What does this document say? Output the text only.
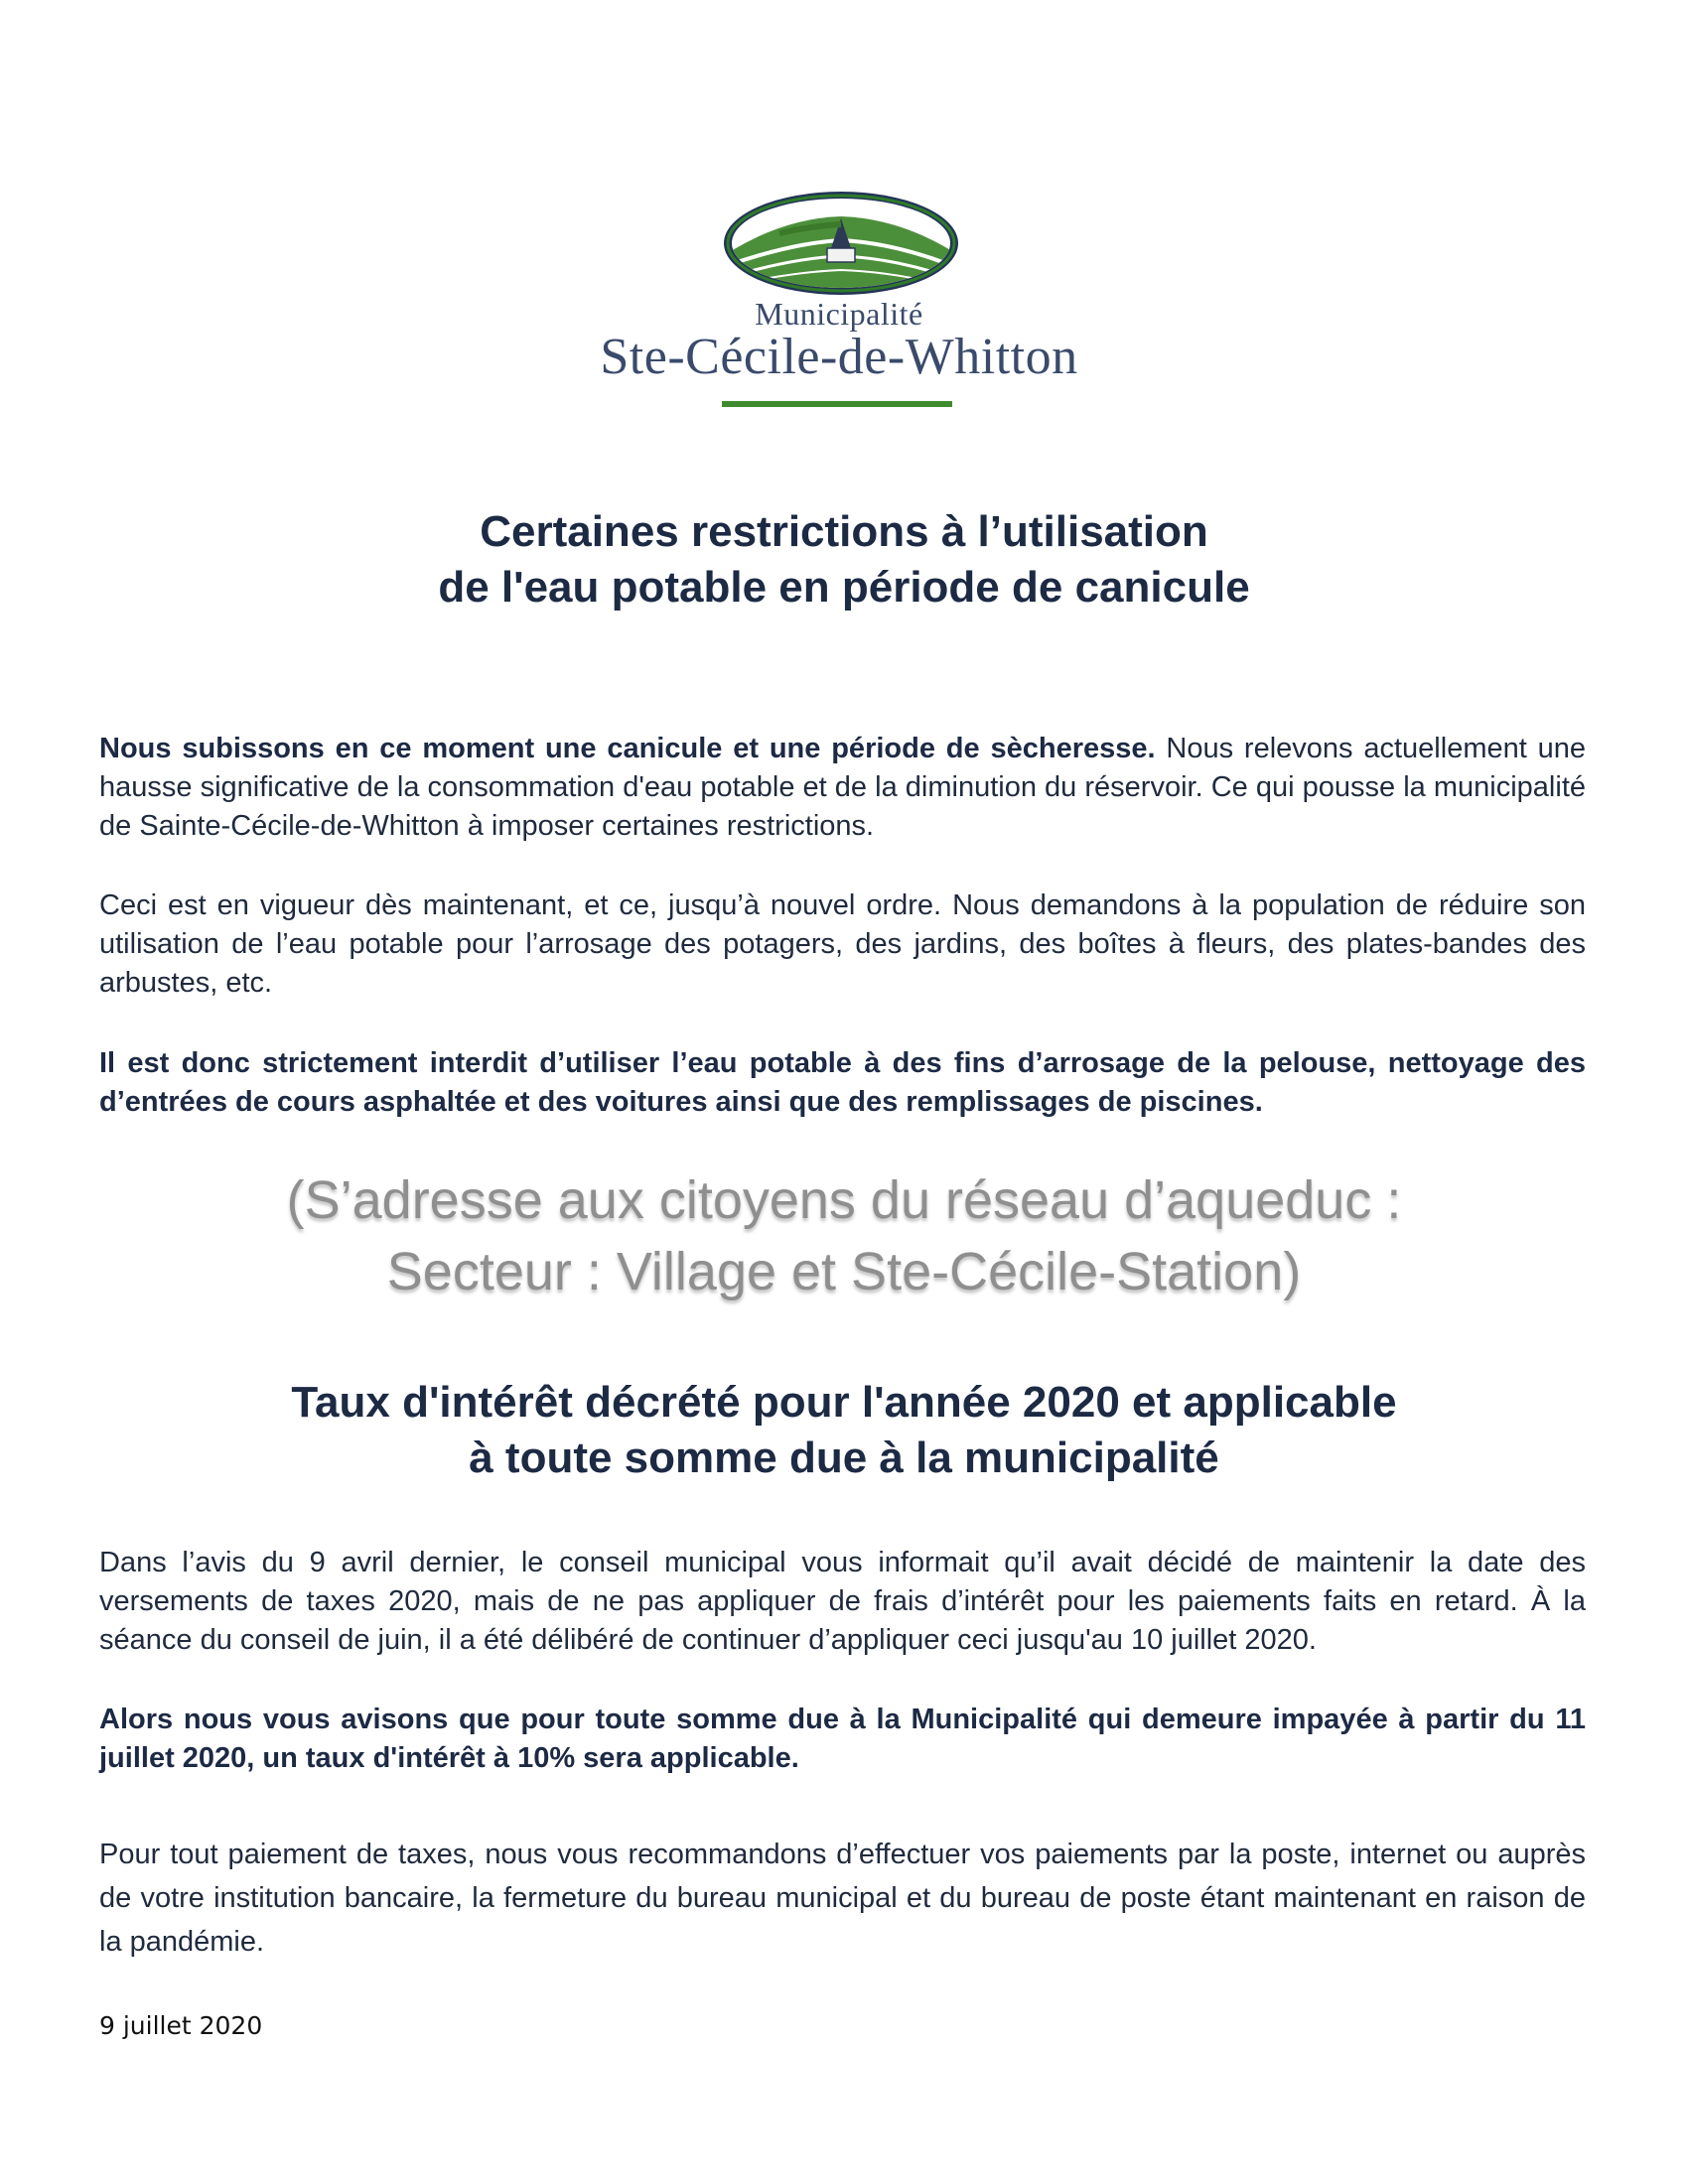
Municipalité
Ste-Cécile-de-Whitton
Certaines restrictions à l’utilisation
de l'eau potable en période de canicule

Nous subissons en ce moment une canicule et une période de sècheresse. Nous relevons actuellement une hausse significative de la consommation d'eau potable et de la diminution du réservoir. Ce qui pousse la municipalité de Sainte-Cécile-de-Whitton à imposer certaines restrictions.

Ceci est en vigueur dès maintenant, et ce, jusqu’à nouvel ordre. Nous demandons à la population de réduire son utilisation de l’eau potable pour l’arrosage des potagers, des jardins, des boîtes à fleurs, des plates-bandes des arbustes, etc.

Il est donc strictement interdit d’utiliser l’eau potable à des fins d’arrosage de la pelouse, nettoyage des d’entrées de cours asphaltée et des voitures ainsi que des remplissages de piscines.

(S’adresse aux citoyens du réseau d’aqueduc :
Secteur : Village et Ste-Cécile-Station)
Taux d'intérêt décrété pour l'année 2020 et applicable
à toute somme due à la municipalité

Dans l’avis du 9 avril dernier, le conseil municipal vous informait qu’il avait décidé de maintenir la date des versements de taxes 2020, mais de ne pas appliquer de frais d’intérêt pour les paiements faits en retard. À la séance du conseil de juin, il a été délibéré de continuer d’appliquer ceci jusqu'au 10 juillet 2020.

Alors nous vous avisons que pour toute somme due à la Municipalité qui demeure impayée à partir du 11 juillet 2020, un taux d'intérêt à 10% sera applicable.

Pour tout paiement de taxes, nous vous recommandons d’effectuer vos paiements par la poste, internet ou auprès de votre institution bancaire, la fermeture du bureau municipal et du bureau de poste étant maintenant en raison de la pandémie.

9 juillet 2020
